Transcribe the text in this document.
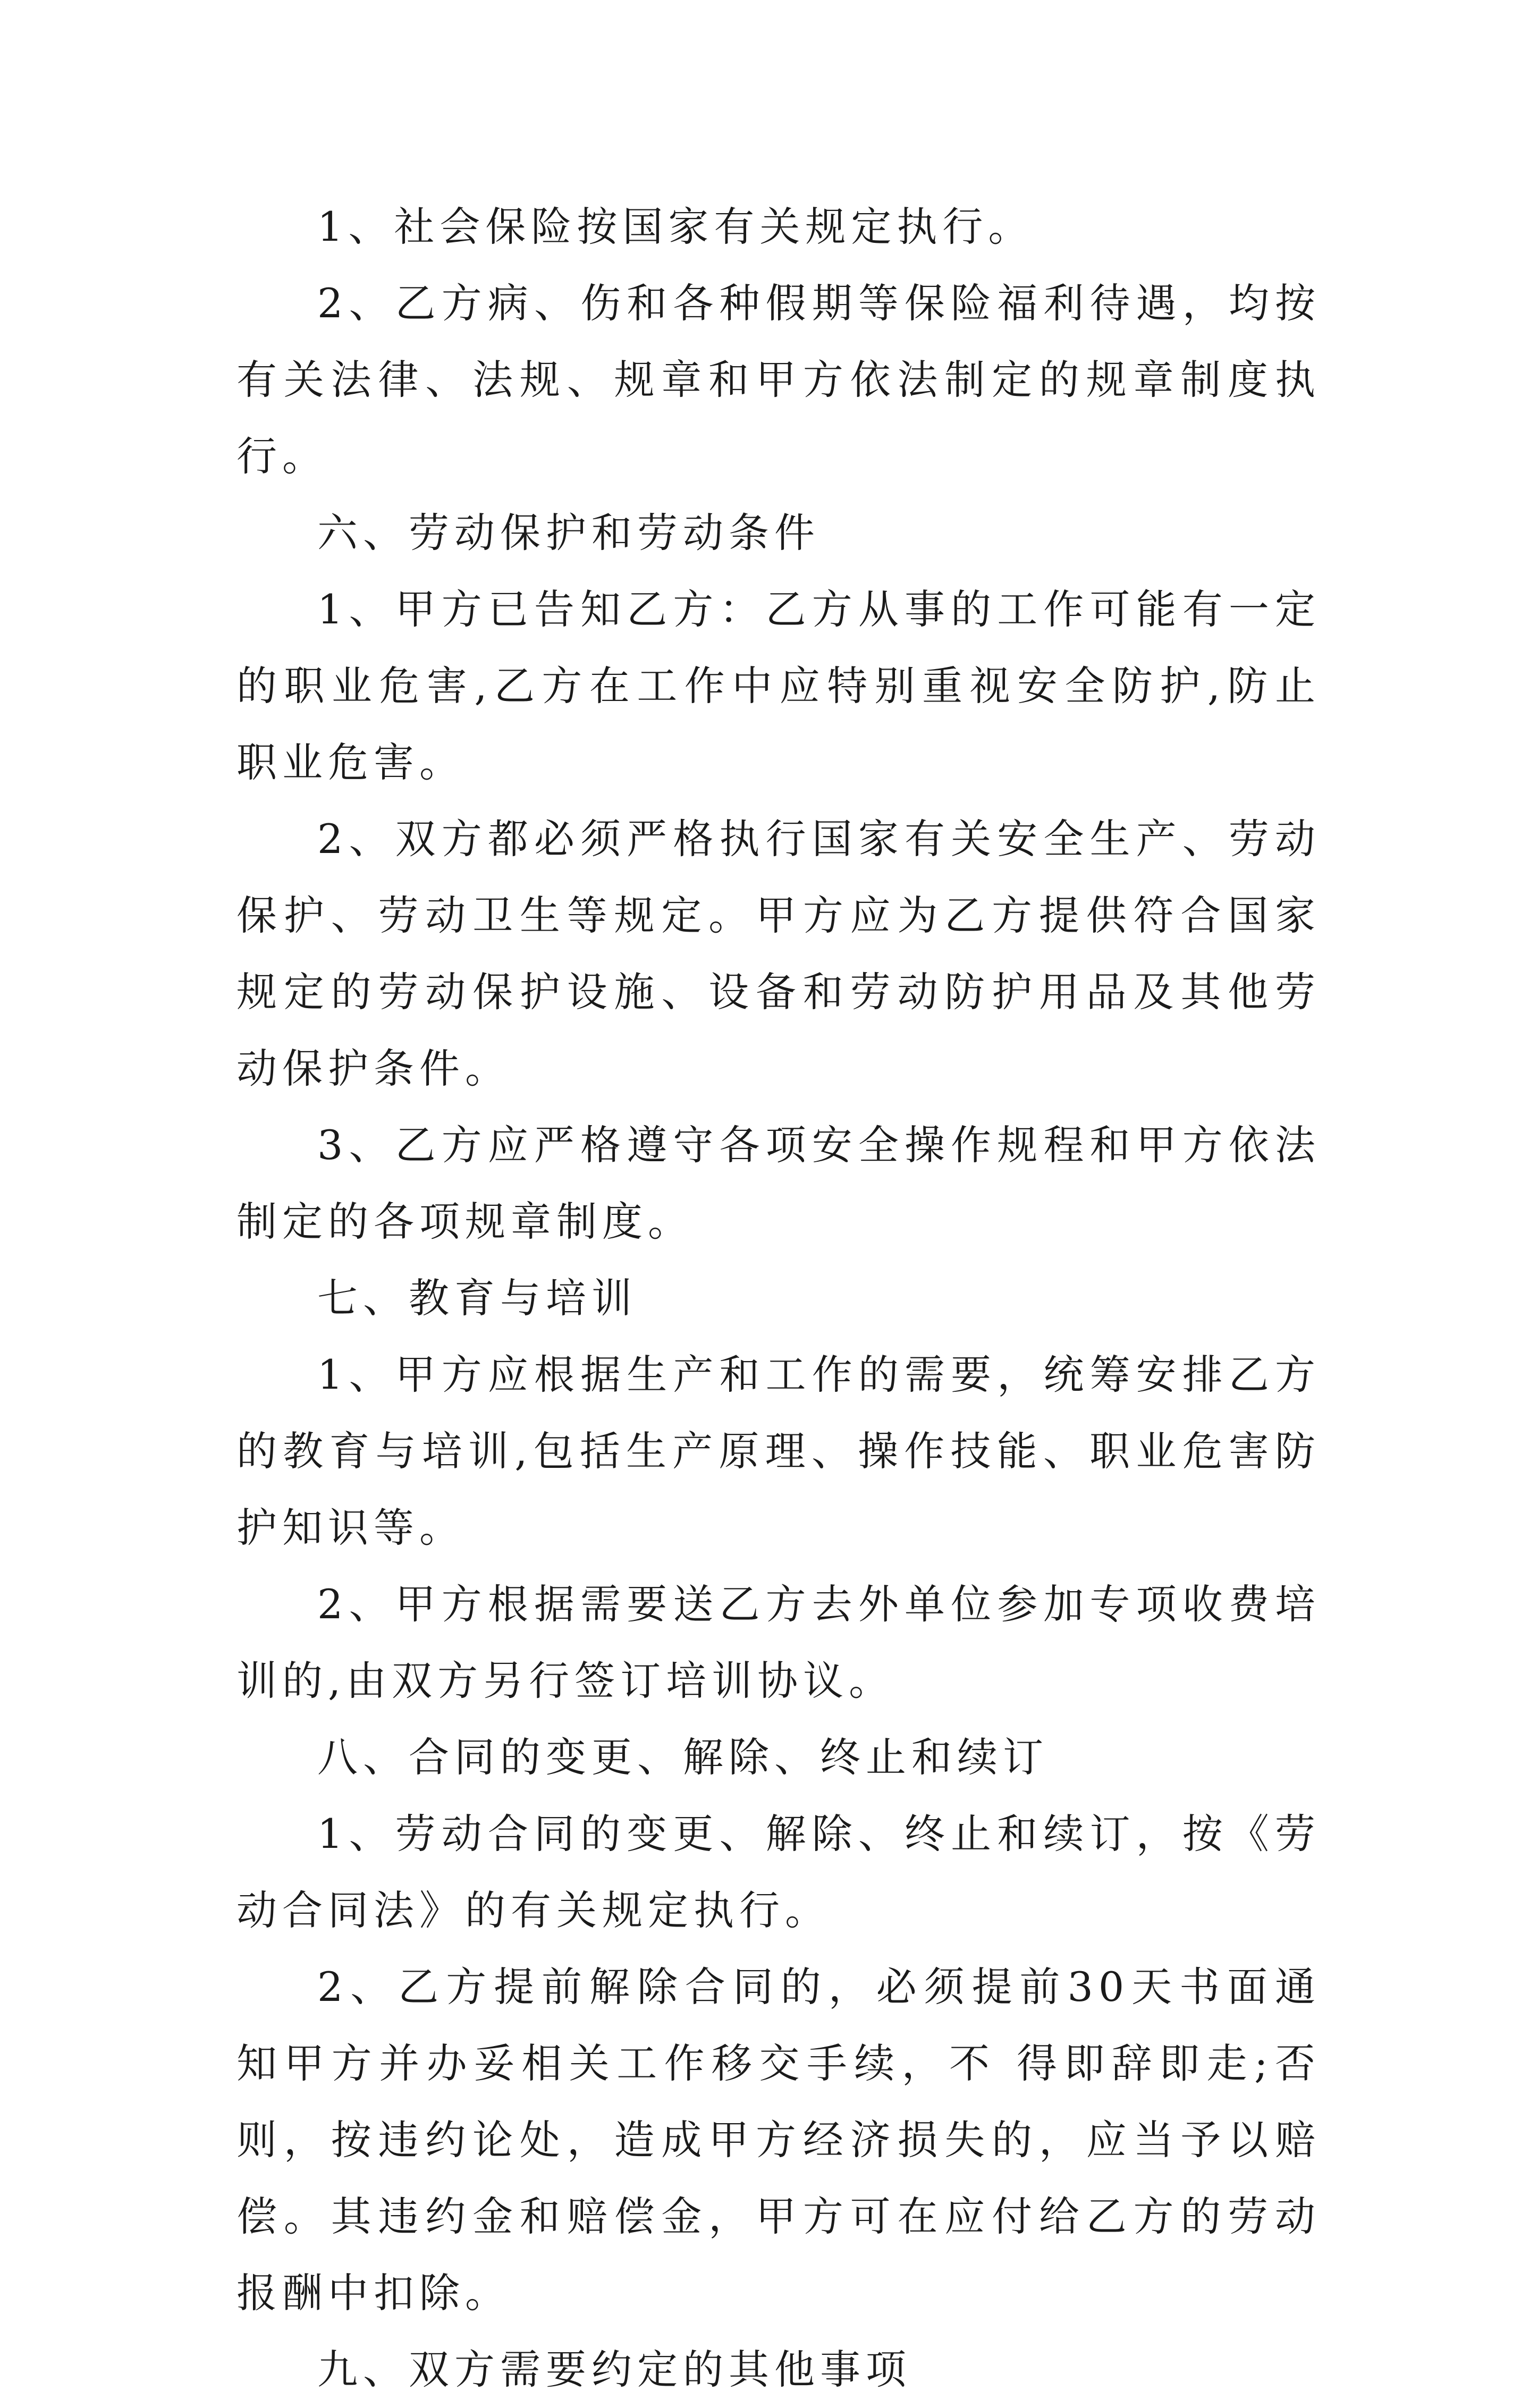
1、社会保险按国家有关规定执行。

2、乙方病、伤和各种假期等保险福利待遇，均按有关法律、法规、规章和甲方依法制定的规章制度执行。

六、劳动保护和劳动条件

1、甲方已告知乙方：乙方从事的工作可能有一定的职业危害,乙方在工作中应特别重视安全防护,防止职业危害。

2、双方都必须严格执行国家有关安全生产、劳动保护、劳动卫生等规定。甲方应为乙方提供符合国家规定的劳动保护设施、设备和劳动防护用品及其他劳动保护条件。

3、乙方应严格遵守各项安全操作规程和甲方依法制定的各项规章制度。

七、教育与培训

1、甲方应根据生产和工作的需要，统筹安排乙方的教育与培训,包括生产原理、操作技能、职业危害防护知识等。

2、甲方根据需要送乙方去外单位参加专项收费培训的,由双方另行签订培训协议。

八、合同的变更、解除、终止和续订

1、劳动合同的变更、解除、终止和续订，按《劳动合同法》的有关规定执行。

2、乙方提前解除合同的，必须提前30天书面通知甲方并办妥相关工作移交手续，不 得即辞即走;否则，按违约论处，造成甲方经济损失的，应当予以赔偿。其违约金和赔偿金，甲方可在应付给乙方的劳动报酬中扣除。

九、双方需要约定的其他事项
